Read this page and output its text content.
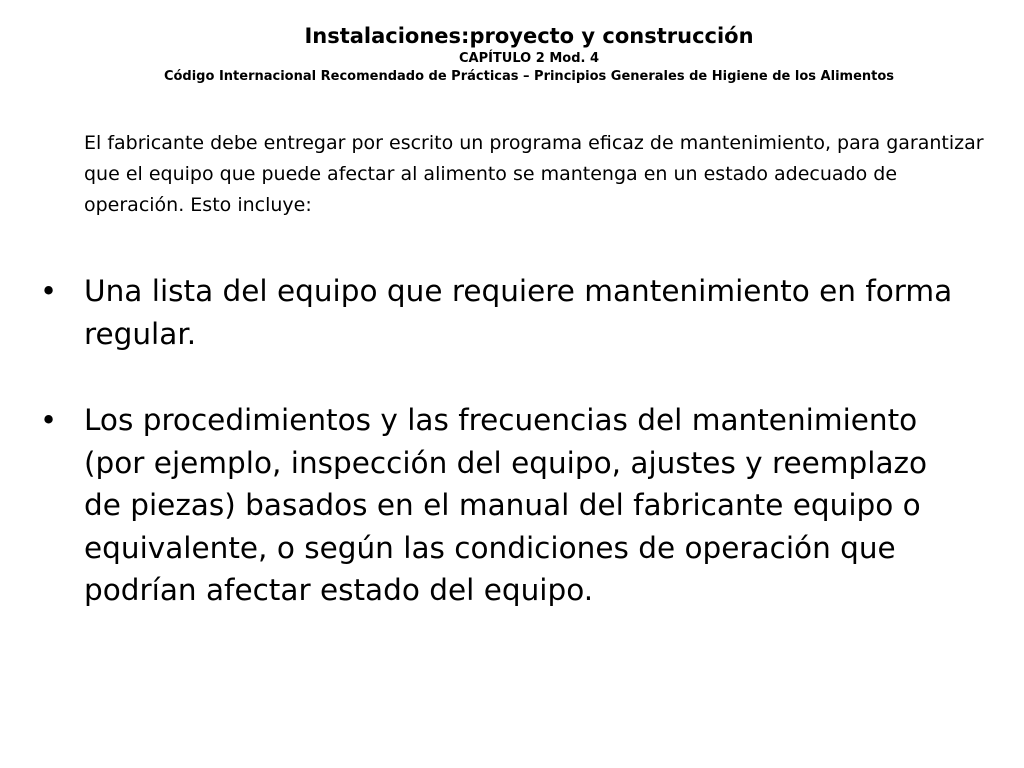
Instalaciones:proyecto y construcción
CAPÍTULO 2 Mod. 4
Código Internacional Recomendado de Prácticas – Principios Generales de Higiene de los Alimentos
El fabricante debe entregar por escrito un programa eficaz de mantenimiento, para garantizar que el equipo que puede afectar al alimento se mantenga en un estado adecuado de operación. Esto incluye:
• Una lista del equipo que requiere mantenimiento en forma regular.
• Los procedimientos y las frecuencias del mantenimiento (por ejemplo, inspección del equipo, ajustes y reemplazo de piezas) basados en el manual del fabricante equipo o equivalente, o según las condiciones de operación que podrían afectar estado del equipo.
